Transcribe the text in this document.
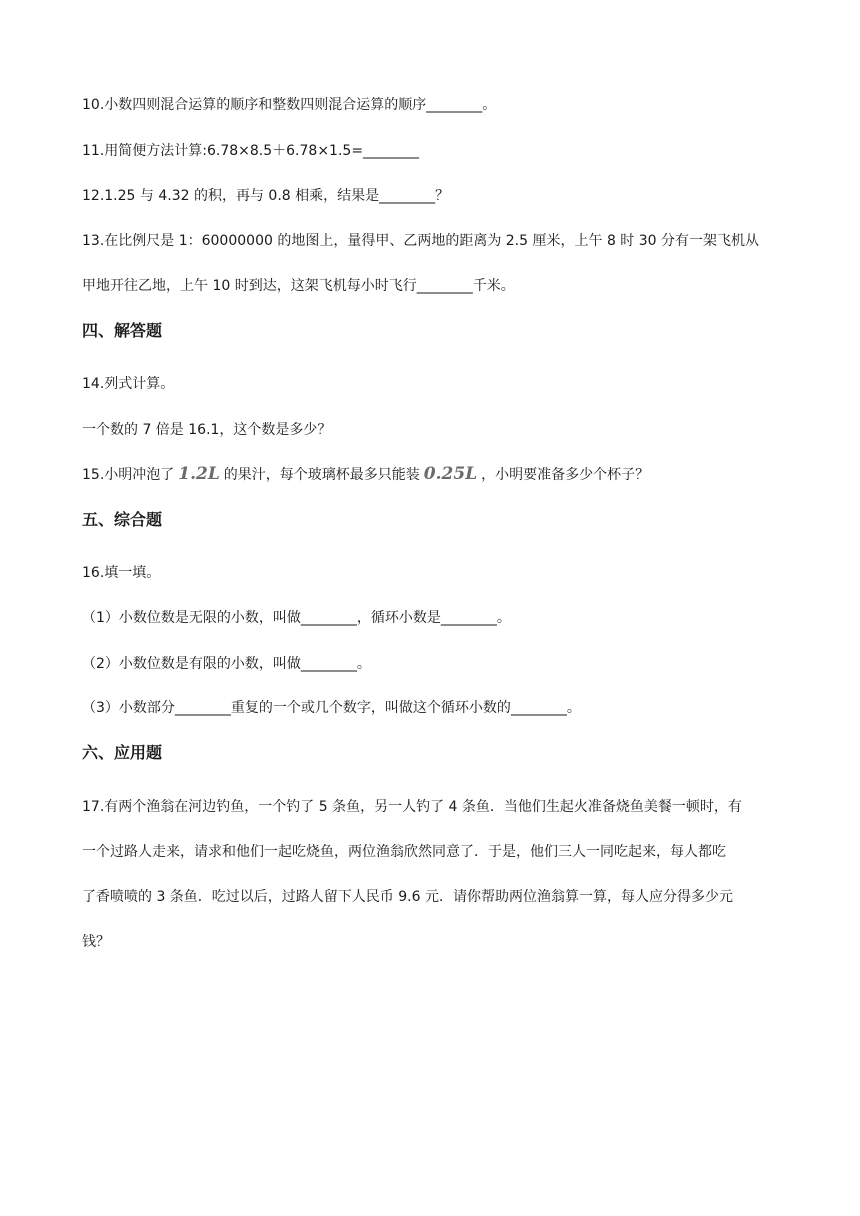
10.小数四则混合运算的顺序和整数四则混合运算的顺序________。
11.用简便方法计算:6.78×8.5＋6.78×1.5=________
12.1.25 与 4.32 的积，再与 0.8 相乘，结果是________？
13.在比例尺是 1：60000000 的地图上，量得甲、乙两地的距离为 2.5 厘米，上午 8 时 30 分有一架飞机从
甲地开往乙地，上午 10 时到达，这架飞机每小时飞行________千米。
四、解答题
14.列式计算。
一个数的 7 倍是 16.1，这个数是多少？
15.小明冲泡了 1.2L 的果汁，每个玻璃杯最多只能装 0.25L ，小明要准备多少个杯子？
五、综合题
16.填一填。
（1）小数位数是无限的小数，叫做________，循环小数是________。
（2）小数位数是有限的小数，叫做________。
（3）小数部分________重复的一个或几个数字，叫做这个循环小数的________。
六、应用题
17.有两个渔翁在河边钓鱼，一个钓了 5 条鱼，另一人钓了 4 条鱼．当他们生起火准备烧鱼美餐一顿时，有
一个过路人走来，请求和他们一起吃烧鱼，两位渔翁欣然同意了．于是，他们三人一同吃起来，每人都吃
了香喷喷的 3 条鱼．吃过以后，过路人留下人民币 9.6 元．请你帮助两位渔翁算一算，每人应分得多少元
钱？
